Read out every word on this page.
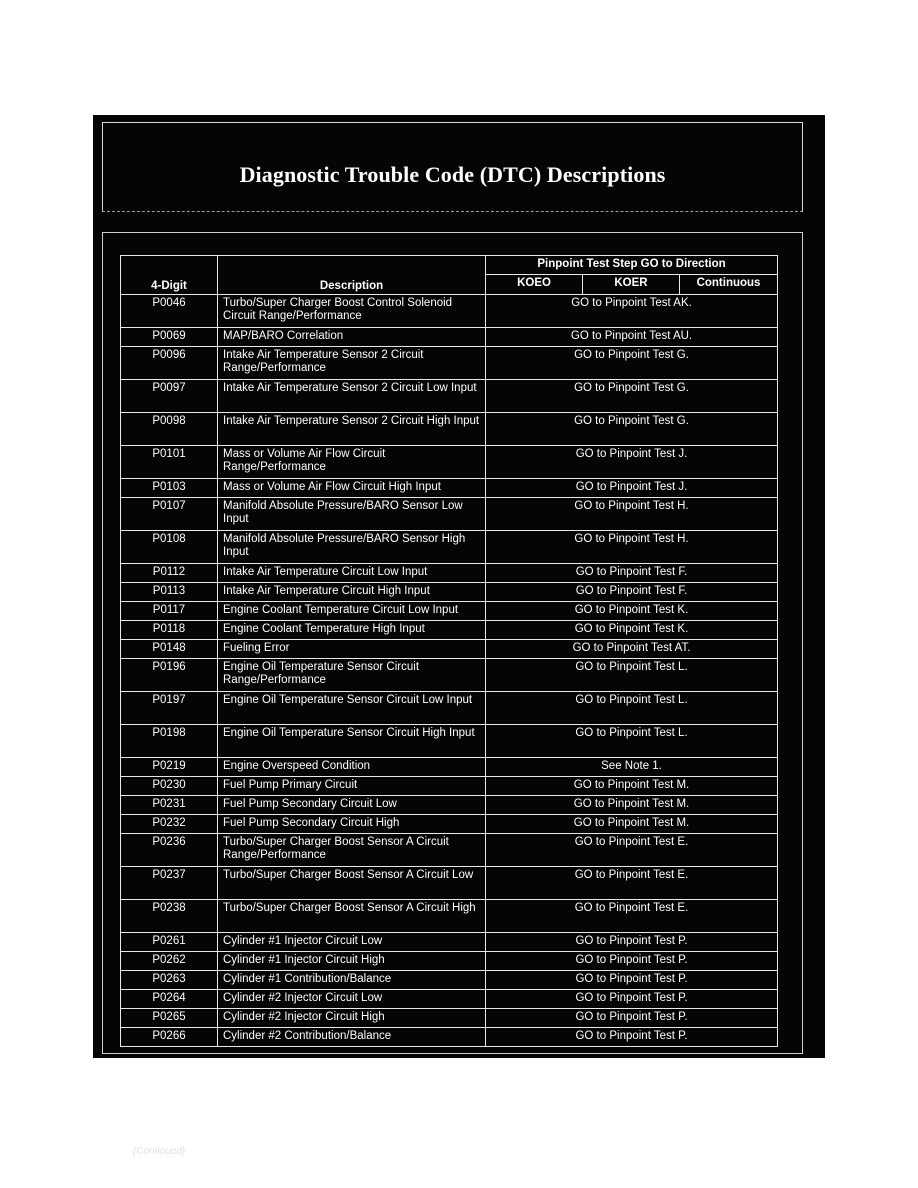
Diagnostic Trouble Code (DTC) Descriptions
4-Digit	Description	Pinpoint Test Step GO to Direction		
		KOEO	KOER	Continuous
P0046	Turbo/Super Charger Boost Control Solenoid Circuit Range/Performance	GO to Pinpoint Test AK.		
P0069	MAP/BARO Correlation	GO to Pinpoint Test AU.		
P0096	Intake Air Temperature Sensor 2 Circuit Range/Performance	GO to Pinpoint Test G.		
P0097	Intake Air Temperature Sensor 2 Circuit Low Input	GO to Pinpoint Test G.		
P0098	Intake Air Temperature Sensor 2 Circuit High Input	GO to Pinpoint Test G.		
P0101	Mass or Volume Air Flow Circuit Range/Performance	GO to Pinpoint Test J.		
P0103	Mass or Volume Air Flow Circuit High Input	GO to Pinpoint Test J.		
P0107	Manifold Absolute Pressure/BARO Sensor Low Input	GO to Pinpoint Test H.		
P0108	Manifold Absolute Pressure/BARO Sensor High Input	GO to Pinpoint Test H.		
P0112	Intake Air Temperature Circuit Low Input	GO to Pinpoint Test F.		
P0113	Intake Air Temperature Circuit High Input	GO to Pinpoint Test F.		
P0117	Engine Coolant Temperature Circuit Low Input	GO to Pinpoint Test K.		
P0118	Engine Coolant Temperature High Input	GO to Pinpoint Test K.		
P0148	Fueling Error	GO to Pinpoint Test AT.		
P0196	Engine Oil Temperature Sensor Circuit Range/Performance	GO to Pinpoint Test L.		
P0197	Engine Oil Temperature Sensor Circuit Low Input	GO to Pinpoint Test L.		
P0198	Engine Oil Temperature Sensor Circuit High Input	GO to Pinpoint Test L.		
P0219	Engine Overspeed Condition	See Note 1.		
P0230	Fuel Pump Primary Circuit	GO to Pinpoint Test M.		
P0231	Fuel Pump Secondary Circuit Low	GO to Pinpoint Test M.		
P0232	Fuel Pump Secondary Circuit High	GO to Pinpoint Test M.		
P0236	Turbo/Super Charger Boost Sensor A Circuit Range/Performance	GO to Pinpoint Test E.		
P0237	Turbo/Super Charger Boost Sensor A Circuit Low	GO to Pinpoint Test E.		
P0238	Turbo/Super Charger Boost Sensor A Circuit High	GO to Pinpoint Test E.		
P0261	Cylinder #1 Injector Circuit Low	GO to Pinpoint Test P.		
P0262	Cylinder #1 Injector Circuit High	GO to Pinpoint Test P.		
P0263	Cylinder #1 Contribution/Balance	GO to Pinpoint Test P.		
P0264	Cylinder #2 Injector Circuit Low	GO to Pinpoint Test P.		
P0265	Cylinder #2 Injector Circuit High	GO to Pinpoint Test P.		
P0266	Cylinder #2 Contribution/Balance	GO to Pinpoint Test P.		
(Continued)
